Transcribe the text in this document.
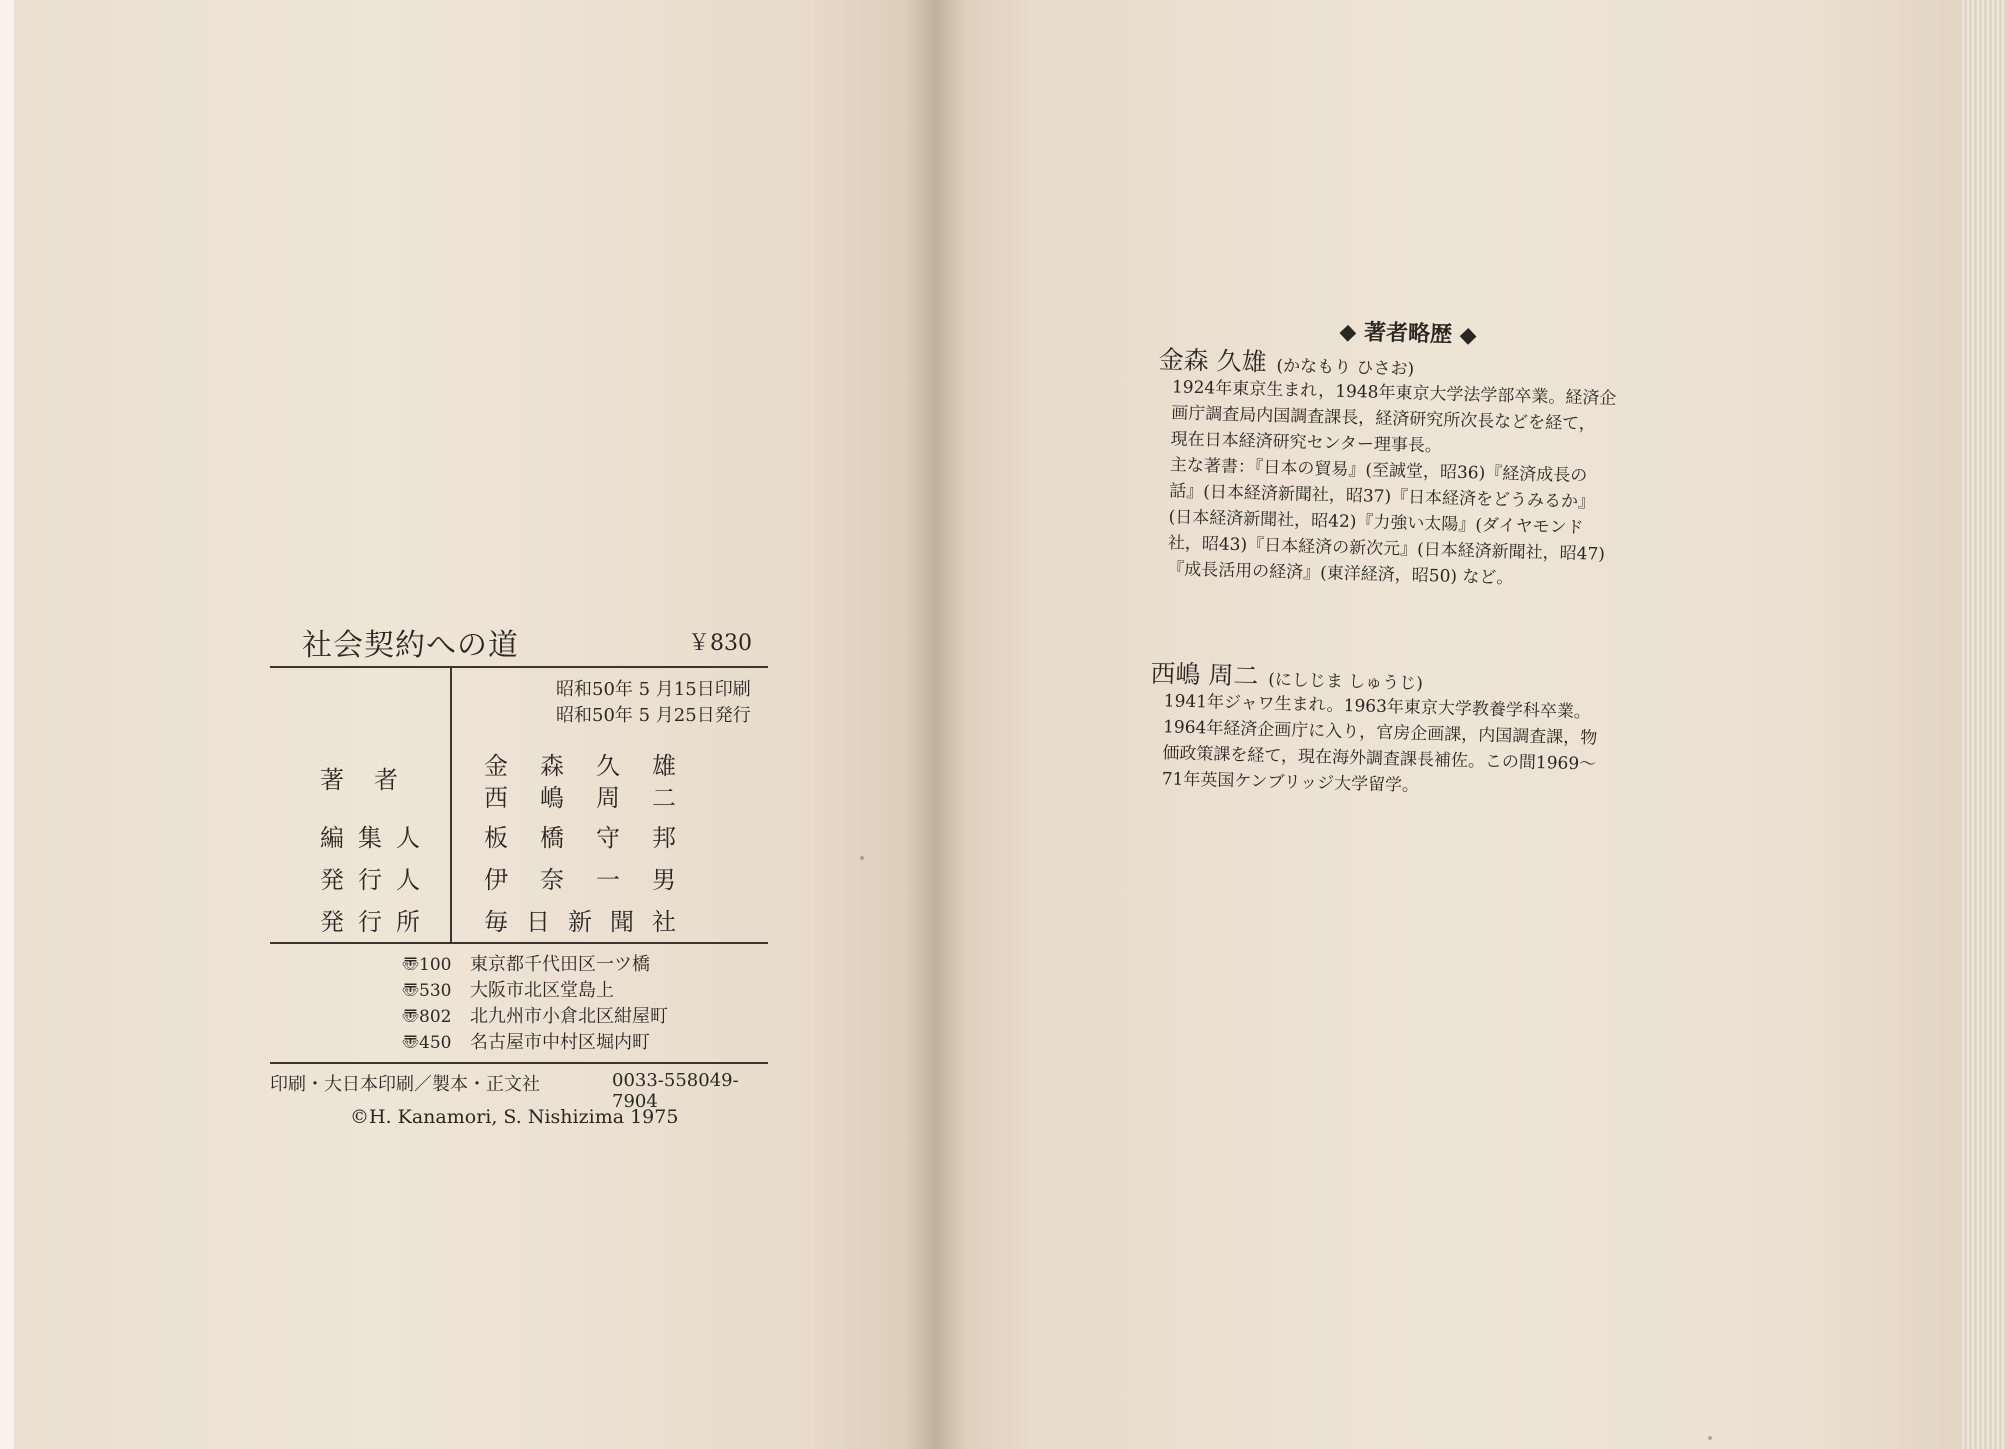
社会契約への道	￥830
昭和50年 5 月15日印刷
昭和50年 5 月25日発行
著者 金森久雄
西嶋周二
編集人 板橋守邦
発行人 伊奈一男
発行所 毎日新聞社
〠100 東京都千代田区一ツ橋
〠530 大阪市北区堂島上
〠802 北九州市小倉北区紺屋町
〠450 名古屋市中村区堀内町
印刷・大日本印刷／製本・正文社	0033-558049-7904
©H. Kanamori, S. Nishizima 1975
◆ 著者略歴 ◆
金森 久雄 (かなもり ひさお)
1924年東京生まれ，1948年東京大学法学部卒業。経済企
画庁調査局内国調査課長，経済研究所次長などを経て，
現在日本経済研究センター理事長。
主な著書：『日本の貿易』(至誠堂，昭36)『経済成長の
話』(日本経済新聞社，昭37)『日本経済をどうみるか』
(日本経済新聞社，昭42)『力強い太陽』(ダイヤモンド
社，昭43)『日本経済の新次元』(日本経済新聞社，昭47)
『成長活用の経済』(東洋経済，昭50) など。
西嶋 周二 (にしじま しゅうじ)
1941年ジャワ生まれ。1963年東京大学教養学科卒業。
1964年経済企画庁に入り，官房企画課，内国調査課，物
価政策課を経て，現在海外調査課長補佐。この間1969～
71年英国ケンブリッジ大学留学。
